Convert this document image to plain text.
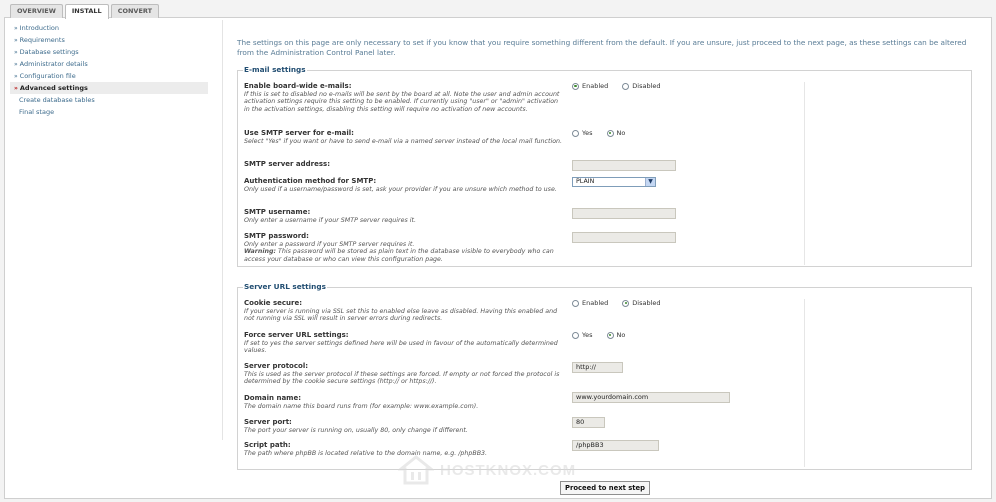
OVERVIEW	INSTALL	CONVERT
» Introduction
» Requirements
» Database settings
» Administrator details
» Configuration file
» Advanced settings
Create database tables
Final stage

The settings on this page are only necessary to set if you know that you require something different from the default. If you are unsure, just proceed to the next page, as these settings can be altered from the Administration Control Panel later.

E-mail settings
Enable board-wide e-mails:
If this is set to disabled no e-mails will be sent by the board at all. Note the user and admin account activation settings require this setting to be enabled. If currently using "user" or "admin" activation in the activation settings, disabling this setting will require no activation of new accounts.
Enabled	Disabled
Use SMTP server for e-mail:
Select "Yes" if you want or have to send e-mail via a named server instead of the local mail function.
Yes	No
SMTP server address:
Authentication method for SMTP:
Only used if a username/password is set, ask your provider if you are unsure which method to use.
PLAIN	▼
SMTP username:
Only enter a username if your SMTP server requires it.
SMTP password:
Only enter a password if your SMTP server requires it.
Warning: This password will be stored as plain text in the database visible to everybody who can access your database or who can view this configuration page.
Server URL settings
Cookie secure:
If your server is running via SSL set this to enabled else leave as disabled. Having this enabled and not running via SSL will result in server errors during redirects.
Enabled	Disabled
Force server URL settings:
If set to yes the server settings defined here will be used in favour of the automatically determined values.
Yes	No
Server protocol:
This is used as the server protocol if these settings are forced. If empty or not forced the protocol is determined by the cookie secure settings (http:// or https://).
http://
Domain name:
The domain name this board runs from (for example: www.example.com).
www.yourdomain.com
Server port:
The port your server is running on, usually 80, only change if different.
80
Script path:
The path where phpBB is located relative to the domain name, e.g. /phpBB3.
/phpBB3
HOSTKNOX.COM
Proceed to next step
